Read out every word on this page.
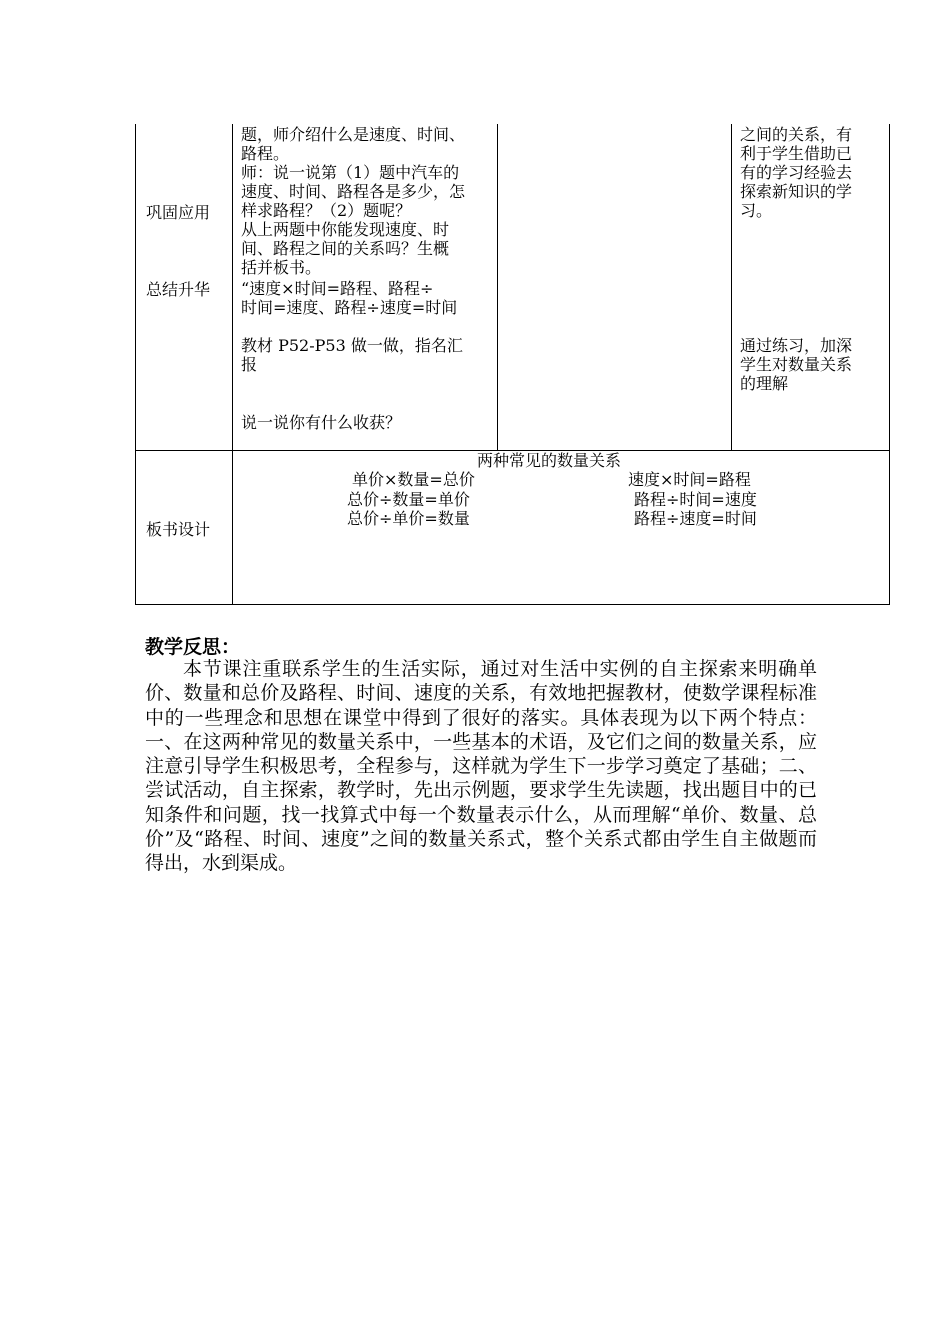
巩固应用
总结升华
题，师介绍什么是速度、时间、
路程。
师：说一说第（1）题中汽车的
速度、时间、路程各是多少，怎
样求路程？（2）题呢？
从上两题中你能发现速度、时
间、路程之间的关系吗？生概
括并板书。
“速度×时间=路程、路程÷
时间=速度、路程÷速度=时间
教材 P52-P53 做一做，指名汇
报
说一说你有什么收获？
之间的关系，有
利于学生借助已
有的学习经验去
探索新知识的学
习。
通过练习，加深
学生对数量关系
的理解
板书设计
两种常见的数量关系
单价×数量=总价
总价÷数量=单价
总价÷单价=数量
速度×时间=路程
路程÷时间=速度
路程÷速度=时间
教学反思：
本节课注重联系学生的生活实际，通过对生活中实例的自主探索来明确单价、数量和总价及路程、时间、速度的关系，有效地把握教材，使数学课程标准中的一些理念和思想在课堂中得到了很好的落实。具体表现为以下两个特点：一、在这两种常见的数量关系中，一些基本的术语，及它们之间的数量关系，应注意引导学生积极思考，全程参与，这样就为学生下一步学习奠定了基础；二、尝试活动，自主探索，教学时，先出示例题，要求学生先读题，找出题目中的已知条件和问题，找一找算式中每一个数量表示什么，从而理解“单价、数量、总价”及“路程、时间、速度”之间的数量关系式，整个关系式都由学生自主做题而得出，水到渠成。
